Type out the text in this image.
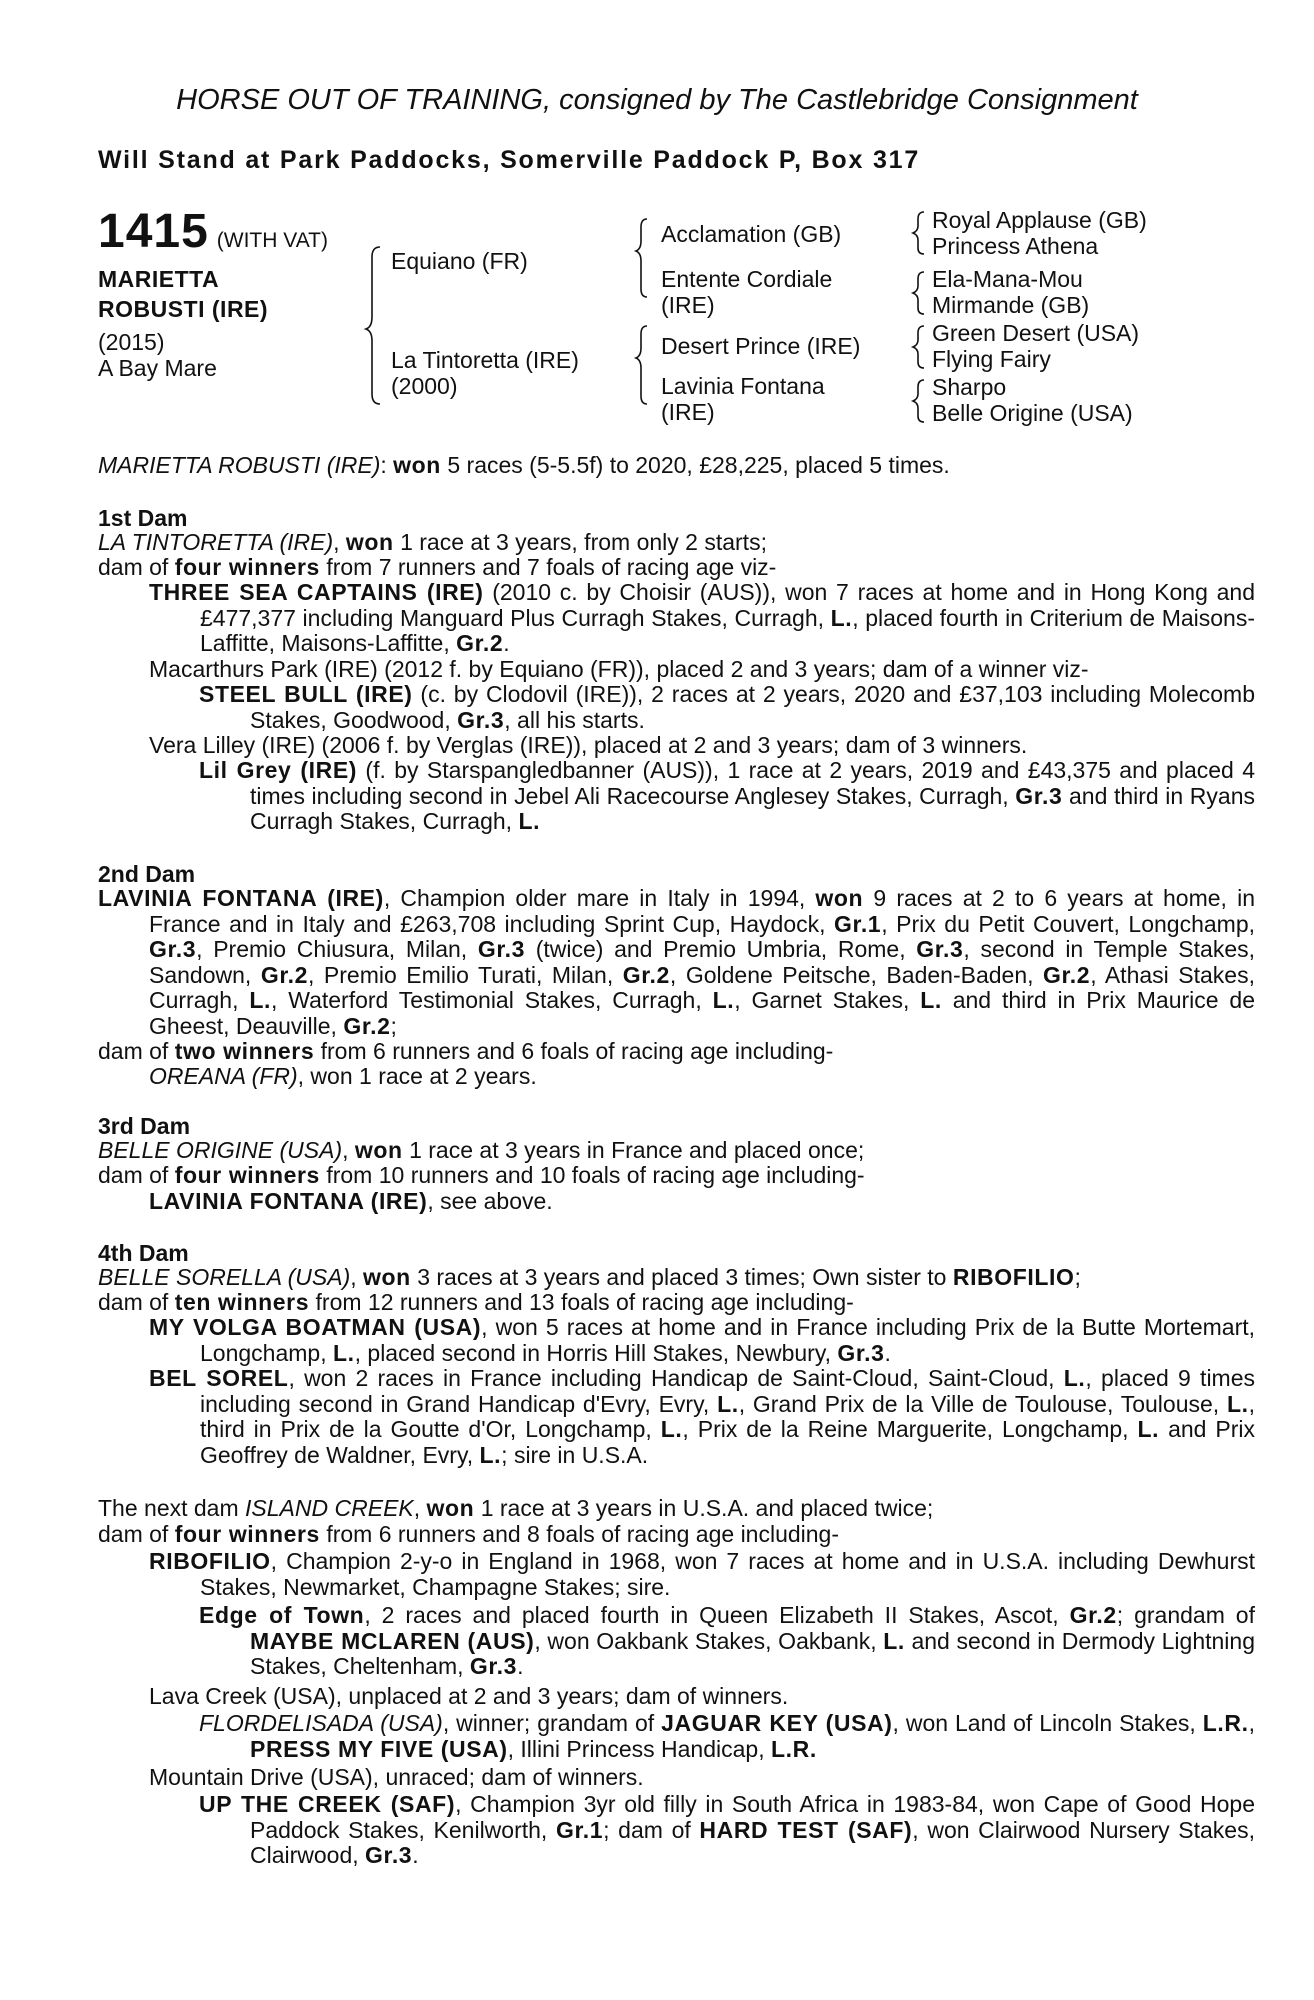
HORSE OUT OF TRAINING, consigned by The Castlebridge Consignment
Will Stand at Park Paddocks, Somerville Paddock P, Box 317
1415 (WITH VAT)
MARIETTA
ROBUSTI (IRE)
(2015)
A Bay Mare
Equiano (FR)
La Tintoretta (IRE)
(2000)
Acclamation (GB)
Entente Cordiale
(IRE)
Desert Prince (IRE)
Lavinia Fontana
(IRE)
Royal Applause (GB)
Princess Athena
Ela-Mana-Mou
Mirmande (GB)
Green Desert (USA)
Flying Fairy
Sharpo
Belle Origine (USA)
MARIETTA ROBUSTI (IRE): won 5 races (5-5.5f) to 2020, £28,225, placed 5 times.
1st Dam
LA TINTORETTA (IRE), won 1 race at 3 years, from only 2 starts;
dam of four winners from 7 runners and 7 foals of racing age viz-
THREE SEA CAPTAINS (IRE) (2010 c. by Choisir (AUS)), won 7 races at home and in Hong Kong and £477,377 including Manguard Plus Curragh Stakes, Curragh, L., placed fourth in Criterium de Maisons-Laffitte, Maisons-Laffitte, Gr.2.
Macarthurs Park (IRE) (2012 f. by Equiano (FR)), placed 2 and 3 years; dam of a winner viz-
STEEL BULL (IRE) (c. by Clodovil (IRE)), 2 races at 2 years, 2020 and £37,103 including Molecomb Stakes, Goodwood, Gr.3, all his starts.
Vera Lilley (IRE) (2006 f. by Verglas (IRE)), placed at 2 and 3 years; dam of 3 winners.
Lil Grey (IRE) (f. by Starspangledbanner (AUS)), 1 race at 2 years, 2019 and £43,375 and placed 4 times including second in Jebel Ali Racecourse Anglesey Stakes, Curragh, Gr.3 and third in Ryans Curragh Stakes, Curragh, L.
2nd Dam
LAVINIA FONTANA (IRE), Champion older mare in Italy in 1994, won 9 races at 2 to 6 years at home, in France and in Italy and £263,708 including Sprint Cup, Haydock, Gr.1, Prix du Petit Couvert, Longchamp, Gr.3, Premio Chiusura, Milan, Gr.3 (twice) and Premio Umbria, Rome, Gr.3, second in Temple Stakes, Sandown, Gr.2, Premio Emilio Turati, Milan, Gr.2, Goldene Peitsche, Baden-Baden, Gr.2, Athasi Stakes, Curragh, L., Waterford Testimonial Stakes, Curragh, L., Garnet Stakes, L. and third in Prix Maurice de Gheest, Deauville, Gr.2;
dam of two winners from 6 runners and 6 foals of racing age including-
OREANA (FR), won 1 race at 2 years.
3rd Dam
BELLE ORIGINE (USA), won 1 race at 3 years in France and placed once;
dam of four winners from 10 runners and 10 foals of racing age including-
LAVINIA FONTANA (IRE), see above.
4th Dam
BELLE SORELLA (USA), won 3 races at 3 years and placed 3 times; Own sister to RIBOFILIO;
dam of ten winners from 12 runners and 13 foals of racing age including-
MY VOLGA BOATMAN (USA), won 5 races at home and in France including Prix de la Butte Mortemart, Longchamp, L., placed second in Horris Hill Stakes, Newbury, Gr.3.
BEL SOREL, won 2 races in France including Handicap de Saint-Cloud, Saint-Cloud, L., placed 9 times including second in Grand Handicap d'Evry, Evry, L., Grand Prix de la Ville de Toulouse, Toulouse, L., third in Prix de la Goutte d'Or, Longchamp, L., Prix de la Reine Marguerite, Longchamp, L. and Prix Geoffrey de Waldner, Evry, L.; sire in U.S.A.
The next dam ISLAND CREEK, won 1 race at 3 years in U.S.A. and placed twice;
dam of four winners from 6 runners and 8 foals of racing age including-
RIBOFILIO, Champion 2-y-o in England in 1968, won 7 races at home and in U.S.A. including Dewhurst Stakes, Newmarket, Champagne Stakes; sire.
Edge of Town, 2 races and placed fourth in Queen Elizabeth II Stakes, Ascot, Gr.2; grandam of MAYBE MCLAREN (AUS), won Oakbank Stakes, Oakbank, L. and second in Dermody Lightning Stakes, Cheltenham, Gr.3.
Lava Creek (USA), unplaced at 2 and 3 years; dam of winners.
FLORDELISADA (USA), winner; grandam of JAGUAR KEY (USA), won Land of Lincoln Stakes, L.R., PRESS MY FIVE (USA), Illini Princess Handicap, L.R.
Mountain Drive (USA), unraced; dam of winners.
UP THE CREEK (SAF), Champion 3yr old filly in South Africa in 1983-84, won Cape of Good Hope Paddock Stakes, Kenilworth, Gr.1; dam of HARD TEST (SAF), won Clairwood Nursery Stakes, Clairwood, Gr.3.
